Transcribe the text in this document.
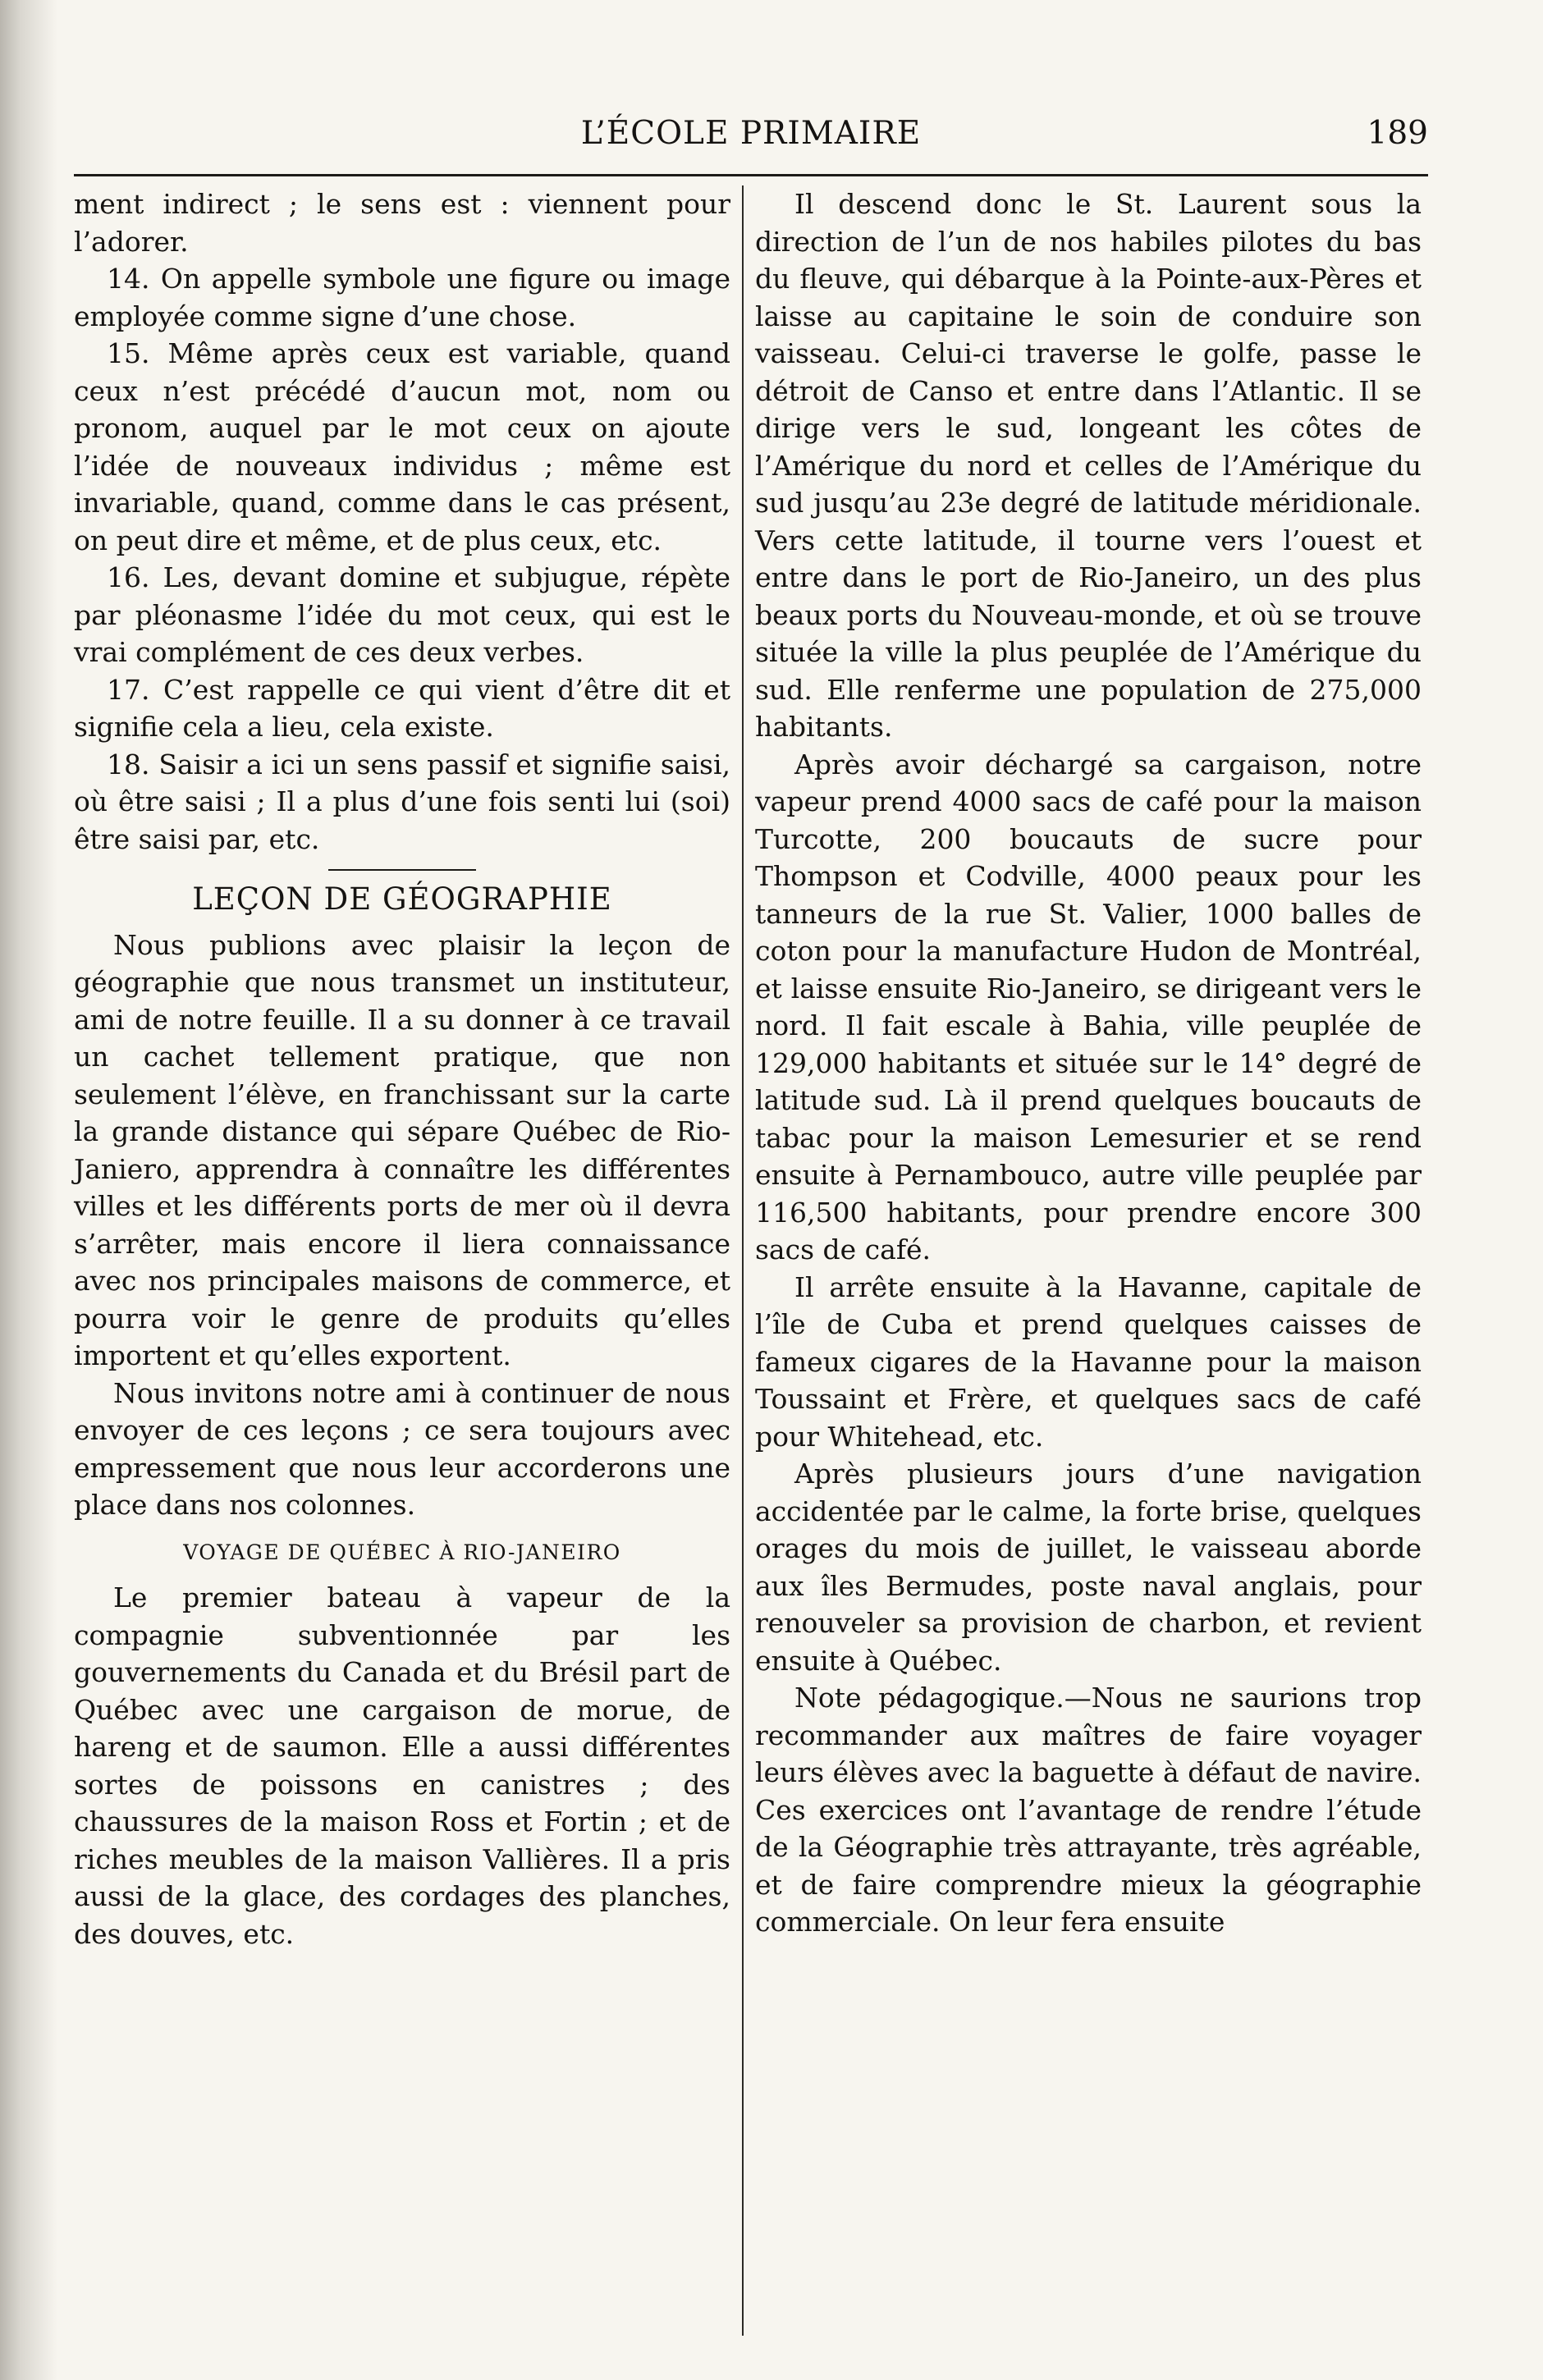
L’ÉCOLE PRIMAIRE	189

ment indirect ; le sens est : viennent pour l’adorer.

14. On appelle symbole une figure ou image employée comme signe d’une chose.

15. Même après ceux est variable, quand ceux n’est précédé d’aucun mot, nom ou pronom, auquel par le mot ceux on ajoute l’idée de nouveaux individus ; même est invariable, quand, comme dans le cas présent, on peut dire et même, et de plus ceux, etc.

16. Les, devant domine et subjugue, répète par pléonasme l’idée du mot ceux, qui est le vrai complément de ces deux verbes.

17. C’est rappelle ce qui vient d’être dit et signifie cela a lieu, cela existe.

18. Saisir a ici un sens passif et signifie saisi, où être saisi ; Il a plus d’une fois senti lui (soi) être saisi par, etc.

LEÇON DE GÉOGRAPHIE

Nous publions avec plaisir la leçon de géographie que nous transmet un instituteur, ami de notre feuille. Il a su donner à ce travail un cachet tellement pratique, que non seulement l’élève, en franchissant sur la carte la grande distance qui sépare Québec de Rio-Janiero, apprendra à connaître les différentes villes et les différents ports de mer où il devra s’arrêter, mais encore il liera connaissance avec nos principales maisons de commerce, et pourra voir le genre de produits qu’elles importent et qu’elles exportent.

Nous invitons notre ami à continuer de nous envoyer de ces leçons ; ce sera toujours avec empressement que nous leur accorderons une place dans nos colonnes.

VOYAGE DE QUÉBEC À RIO-JANEIRO

Le premier bateau à vapeur de la compagnie subventionnée par les gouvernements du Canada et du Brésil part de Québec avec une cargaison de morue, de hareng et de saumon. Elle a aussi différentes sortes de poissons en canistres ; des chaussures de la maison Ross et Fortin ; et de riches meubles de la maison Vallières. Il a pris aussi de la glace, des cordages des planches, des douves, etc.

Il descend donc le St. Laurent sous la direction de l’un de nos habiles pilotes du bas du fleuve, qui débarque à la Pointe-aux-Pères et laisse au capitaine le soin de conduire son vaisseau. Celui-ci traverse le golfe, passe le détroit de Canso et entre dans l’Atlantic. Il se dirige vers le sud, longeant les côtes de l’Amérique du nord et celles de l’Amérique du sud jusqu’au 23e degré de latitude méridionale. Vers cette latitude, il tourne vers l’ouest et entre dans le port de Rio-Janeiro, un des plus beaux ports du Nouveau-monde, et où se trouve située la ville la plus peuplée de l’Amérique du sud. Elle renferme une population de 275,000 habitants.

Après avoir déchargé sa cargaison, notre vapeur prend 4000 sacs de café pour la maison Turcotte, 200 boucauts de sucre pour Thompson et Codville, 4000 peaux pour les tanneurs de la rue St. Valier, 1000 balles de coton pour la manufacture Hudon de Montréal, et laisse ensuite Rio-Janeiro, se dirigeant vers le nord. Il fait escale à Bahia, ville peuplée de 129,000 habitants et située sur le 14° degré de latitude sud. Là il prend quelques boucauts de tabac pour la maison Lemesurier et se rend ensuite à Pernambouco, autre ville peuplée par 116,500 habitants, pour prendre encore 300 sacs de café.

Il arrête ensuite à la Havanne, capitale de l’île de Cuba et prend quelques caisses de fameux cigares de la Havanne pour la maison Toussaint et Frère, et quelques sacs de café pour Whitehead, etc.

Après plusieurs jours d’une navigation accidentée par le calme, la forte brise, quelques orages du mois de juillet, le vaisseau aborde aux îles Bermudes, poste naval anglais, pour renouveler sa provision de charbon, et revient ensuite à Québec.

Note pédagogique.—Nous ne saurions trop recommander aux maîtres de faire voyager leurs élèves avec la baguette à défaut de navire. Ces exercices ont l’avantage de rendre l’étude de la Géographie très attrayante, très agréable, et de faire comprendre mieux la géographie commerciale. On leur fera ensuite
